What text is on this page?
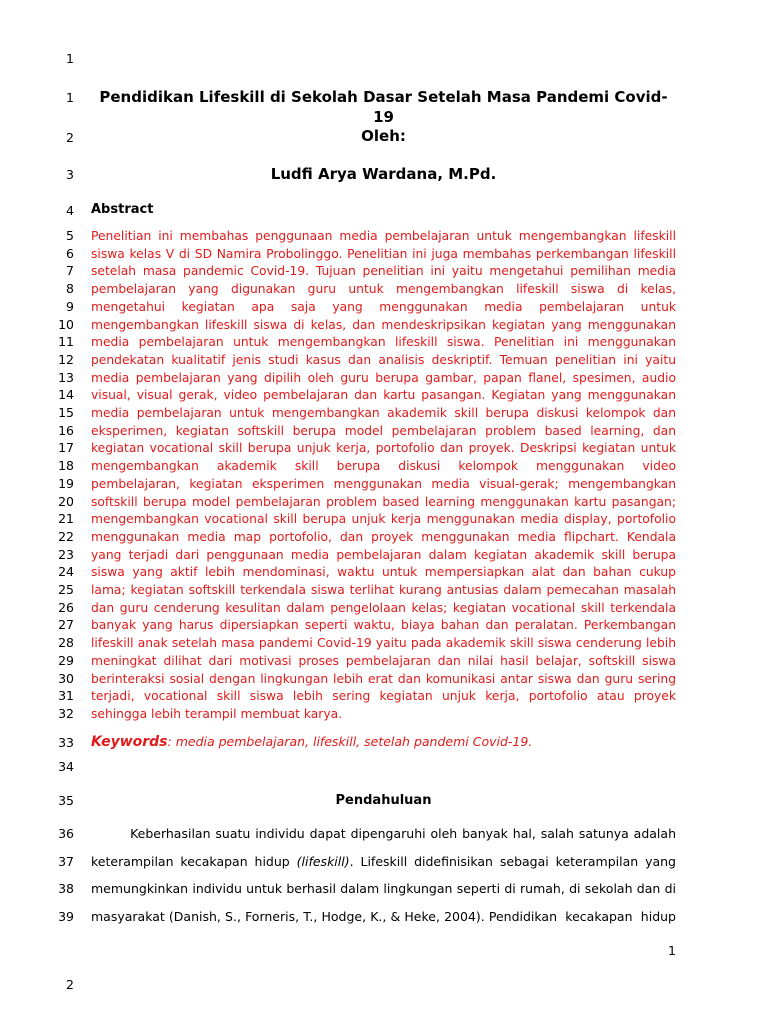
1
1	Pendidikan Lifeskill di Sekolah Dasar Setelah Masa Pandemi Covid-19
2	Oleh:
3	Ludfi Arya Wardana, M.Pd.
4 Abstract
5 Penelitian ini membahas penggunaan media pembelajaran untuk mengembangkan lifeskill
6 siswa kelas V di SD Namira Probolinggo. Penelitian ini juga membahas perkembangan lifeskill
7 setelah masa pandemic Covid-19. Tujuan penelitian ini yaitu mengetahui pemilihan media
8 pembelajaran yang digunakan guru untuk mengembangkan lifeskill siswa di kelas,
9 mengetahui kegiatan apa saja yang menggunakan media pembelajaran untuk
10 mengembangkan lifeskill siswa di kelas, dan mendeskripsikan kegiatan yang menggunakan
11 media pembelajaran untuk mengembangkan lifeskill siswa. Penelitian ini menggunakan
12 pendekatan kualitatif jenis studi kasus dan analisis deskriptif. Temuan penelitian ini yaitu
13 media pembelajaran yang dipilih oleh guru berupa gambar, papan flanel, spesimen, audio
14 visual, visual gerak, video pembelajaran dan kartu pasangan. Kegiatan yang menggunakan
15 media pembelajaran untuk mengembangkan akademik skill berupa diskusi kelompok dan
16 eksperimen, kegiatan softskill berupa model pembelajaran problem based learning, dan
17 kegiatan vocational skill berupa unjuk kerja, portofolio dan proyek. Deskripsi kegiatan untuk
18 mengembangkan akademik skill berupa diskusi kelompok menggunakan video
19 pembelajaran, kegiatan eksperimen menggunakan media visual-gerak; mengembangkan
20 softskill berupa model pembelajaran problem based learning menggunakan kartu pasangan;
21 mengembangkan vocational skill berupa unjuk kerja menggunakan media display, portofolio
22 menggunakan media map portofolio, dan proyek menggunakan media flipchart. Kendala
23 yang terjadi dari penggunaan media pembelajaran dalam kegiatan akademik skill berupa
24 siswa yang aktif lebih mendominasi, waktu untuk mempersiapkan alat dan bahan cukup
25 lama; kegiatan softskill terkendala siswa terlihat kurang antusias dalam pemecahan masalah
26 dan guru cenderung kesulitan dalam pengelolaan kelas; kegiatan vocational skill terkendala
27 banyak yang harus dipersiapkan seperti waktu, biaya bahan dan peralatan. Perkembangan
28 lifeskill anak setelah masa pandemi Covid-19 yaitu pada akademik skill siswa cenderung lebih
29 meningkat dilihat dari motivasi proses pembelajaran dan nilai hasil belajar, softskill siswa
30 berinteraksi sosial dengan lingkungan lebih erat dan komunikasi antar siswa dan guru sering
31 terjadi, vocational skill siswa lebih sering kegiatan unjuk kerja, portofolio atau proyek
32 sehingga lebih terampil membuat karya.
33 Keywords: media pembelajaran, lifeskill, setelah pandemi Covid-19.
34
35	Pendahuluan
36 Keberhasilan suatu individu dapat dipengaruhi oleh banyak hal, salah satunya adalah
37 keterampilan kecakapan hidup (lifeskill). Lifeskill didefinisikan sebagai keterampilan yang
38 memungkinkan individu untuk berhasil dalam lingkungan seperti di rumah, di sekolah dan di
39 masyarakat (Danish, S., Forneris, T., Hodge, K., & Heke, 2004). Pendidikan  kecakapan  hidup
1
2
